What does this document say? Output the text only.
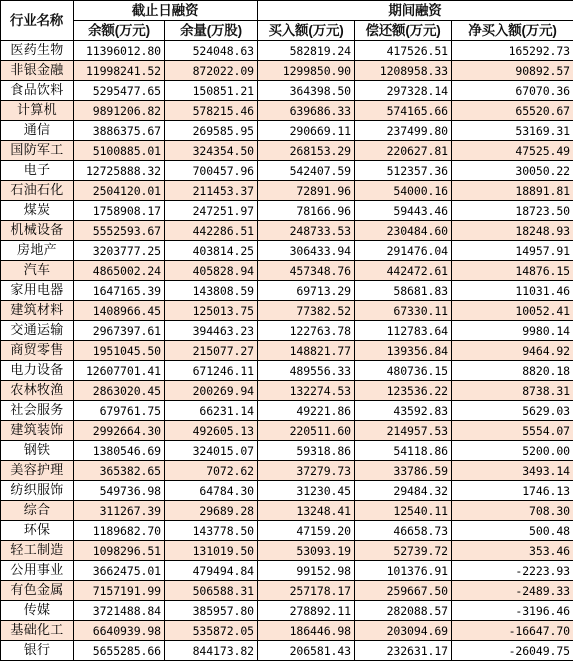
行业名称	截止日融资		期间融资		
	余额(万元)	余量(万股)	买入额(万元)	偿还额(万元)	净买入额(万元)
医药生物	11396012.80	524048.63	582819.24	417526.51	165292.73
非银金融	11998241.52	872022.09	1299850.90	1208958.33	90892.57
食品饮料	5295477.65	150851.21	364398.50	297328.14	67070.36
计算机	9891206.82	578215.46	639686.33	574165.66	65520.67
通信	3886375.67	269585.95	290669.11	237499.80	53169.31
国防军工	5100885.01	324354.50	268153.29	220627.81	47525.49
电子	12725888.32	700457.96	542407.59	512357.36	30050.22
石油石化	2504120.01	211453.37	72891.96	54000.16	18891.81
煤炭	1758908.17	247251.97	78166.96	59443.46	18723.50
机械设备	5552593.67	442286.51	248733.53	230484.60	18248.93
房地产	3203777.25	403814.25	306433.94	291476.04	14957.91
汽车	4865002.24	405828.94	457348.76	442472.61	14876.15
家用电器	1647165.39	143808.59	69713.29	58681.83	11031.46
建筑材料	1408966.45	125013.75	77382.52	67330.11	10052.41
交通运输	2967397.61	394463.23	122763.78	112783.64	9980.14
商贸零售	1951045.50	215077.27	148821.77	139356.84	9464.92
电力设备	12607701.41	671246.11	489556.33	480736.15	8820.18
农林牧渔	2863020.45	200269.94	132274.53	123536.22	8738.31
社会服务	679761.75	66231.14	49221.86	43592.83	5629.03
建筑装饰	2992664.30	492605.13	220511.60	214957.53	5554.07
钢铁	1380546.69	324015.07	59318.86	54118.86	5200.00
美容护理	365382.65	7072.62	37279.73	33786.59	3493.14
纺织服饰	549736.98	64784.30	31230.45	29484.32	1746.13
综合	311267.39	29689.28	13248.41	12540.11	708.30
环保	1189682.70	143778.50	47159.20	46658.73	500.48
轻工制造	1098296.51	131019.50	53093.19	52739.72	353.46
公用事业	3662475.01	479494.84	99152.98	101376.91	-2223.93
有色金属	7157191.99	506588.31	257178.17	259667.50	-2489.33
传媒	3721488.84	385957.80	278892.11	282088.57	-3196.46
基础化工	6640939.98	535872.05	186446.98	203094.69	-16647.70
银行	5655285.66	844173.82	206581.43	232631.17	-26049.75
